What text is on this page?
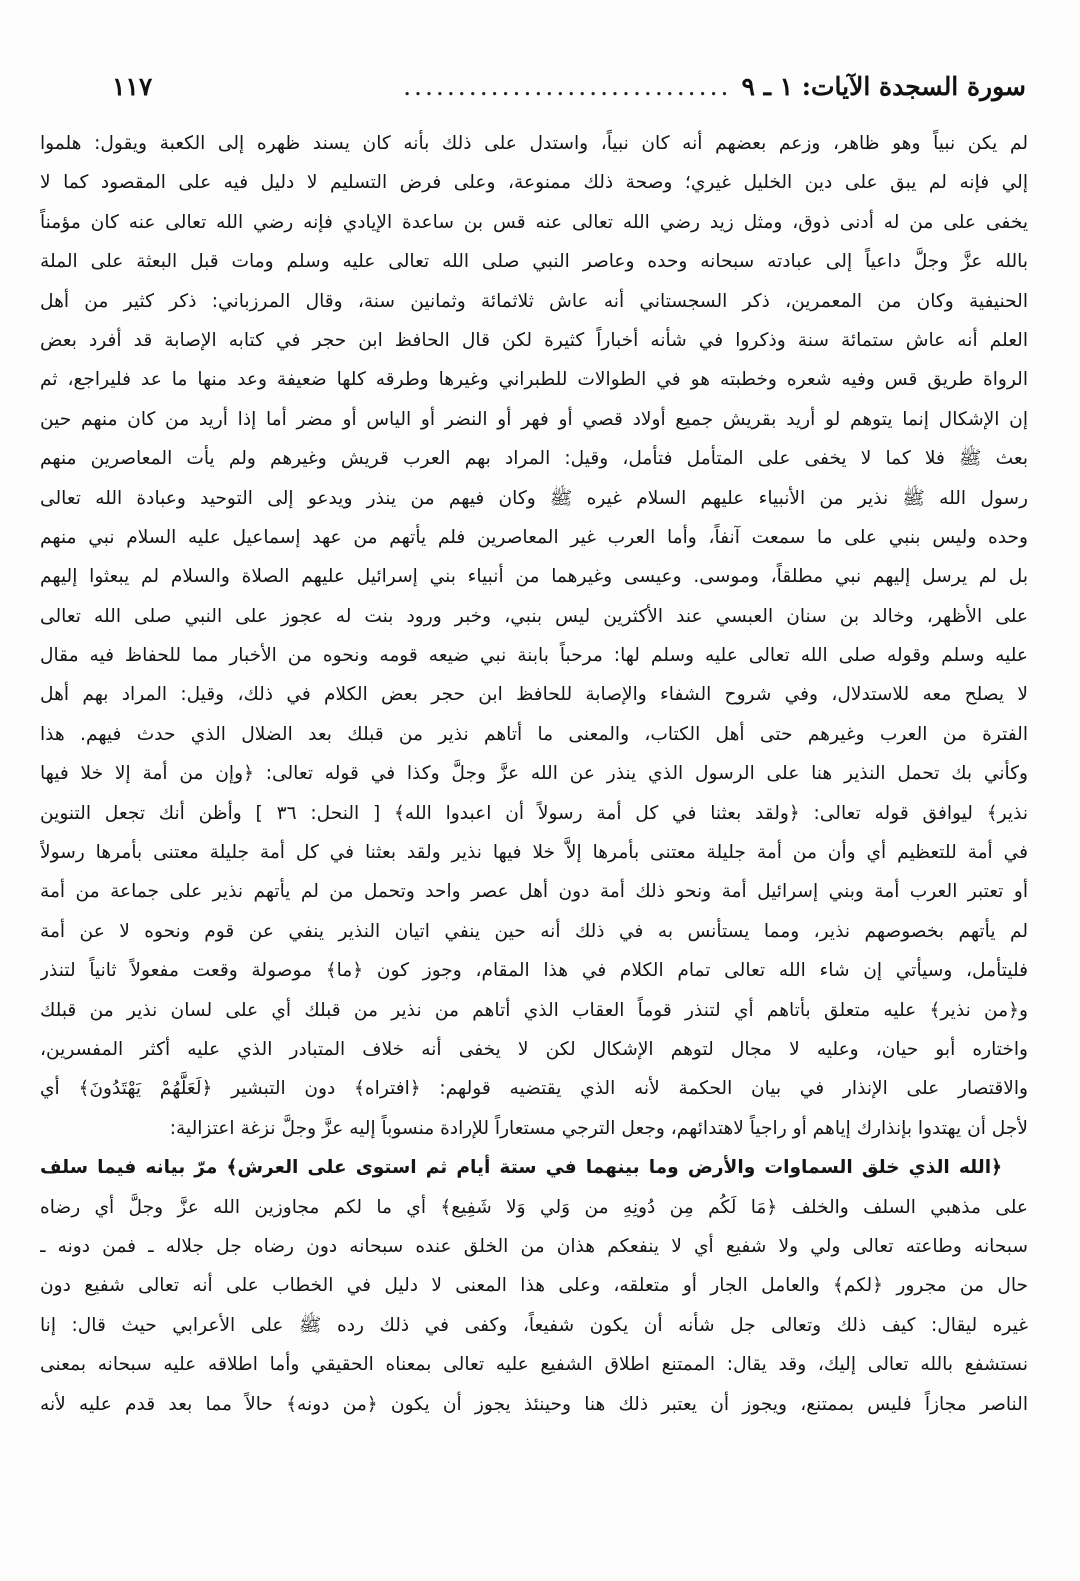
سورة السجدة الآيات: ١ ـ ٩
..............................
١١٧
لم يكن نبياً وهو ظاهر، وزعم بعضهم أنه كان نبياً، واستدل على ذلك بأنه كان يسند ظهره إلى الكعبة ويقول: هلموا
إلي فإنه لم يبق على دين الخليل غيري؛ وصحة ذلك ممنوعة، وعلى فرض التسليم لا دليل فيه على المقصود كما لا
يخفى على من له أدنى ذوق، ومثل زيد رضي الله تعالى عنه قس بن ساعدة الإيادي فإنه رضي الله تعالى عنه كان مؤمناً
بالله عزَّ وجلَّ داعياً إلى عبادته سبحانه وحده وعاصر النبي صلى الله تعالى عليه وسلم ومات قبل البعثة على الملة
الحنيفية وكان من المعمرين، ذكر السجستاني أنه عاش ثلاثمائة وثمانين سنة، وقال المرزباني: ذكر كثير من أهل
العلم أنه عاش ستمائة سنة وذكروا في شأنه أخباراً كثيرة لكن قال الحافظ ابن حجر في كتابه الإصابة قد أفرد بعض
الرواة طريق قس وفيه شعره وخطبته هو في الطوالات للطبراني وغيرها وطرقه كلها ضعيفة وعد منها ما عد فليراجع، ثم
إن الإشكال إنما يتوهم لو أريد بقريش جميع أولاد قصي أو فهر أو النضر أو الياس أو مضر أما إذا أريد من كان منهم حين
بعث ﷺ فلا كما لا يخفى على المتأمل فتأمل، وقيل: المراد بهم العرب قريش وغيرهم ولم يأت المعاصرين منهم
رسول الله ﷺ نذير من الأنبياء عليهم السلام غيره ﷺ وكان فيهم من ينذر ويدعو إلى التوحيد وعبادة الله تعالى
وحده وليس بنبي على ما سمعت آنفاً، وأما العرب غير المعاصرين فلم يأتهم من عهد إسماعيل عليه السلام نبي منهم
بل لم يرسل إليهم نبي مطلقاً، وموسى. وعيسى وغيرهما من أنبياء بني إسرائيل عليهم الصلاة والسلام لم يبعثوا إليهم
على الأظهر، وخالد بن سنان العبسي عند الأكثرين ليس بنبي، وخبر ورود بنت له عجوز على النبي صلى الله تعالى
عليه وسلم وقوله صلى الله تعالى عليه وسلم لها: مرحباً بابنة نبي ضيعه قومه ونحوه من الأخبار مما للحفاظ فيه مقال
لا يصلح معه للاستدلال، وفي شروح الشفاء والإصابة للحافظ ابن حجر بعض الكلام في ذلك، وقيل: المراد بهم أهل
الفترة من العرب وغيرهم حتى أهل الكتاب، والمعنى ما أتاهم نذير من قبلك بعد الضلال الذي حدث فيهم. هذا
وكأني بك تحمل النذير هنا على الرسول الذي ينذر عن الله عزَّ وجلَّ وكذا في قوله تعالى: ﴿وإن من أمة إلا خلا فيها
نذير﴾ ليوافق قوله تعالى: ﴿ولقد بعثنا في كل أمة رسولاً أن اعبدوا الله﴾ [ النحل: ٣٦ ] وأظن أنك تجعل التنوين
في أمة للتعظيم أي وأن من أمة جليلة معتنى بأمرها إلاَّ خلا فيها نذير ولقد بعثنا في كل أمة جليلة معتنى بأمرها رسولاً
أو تعتبر العرب أمة وبني إسرائيل أمة ونحو ذلك أمة دون أهل عصر واحد وتحمل من لم يأتهم نذير على جماعة من أمة
لم يأتهم بخصوصهم نذير، ومما يستأنس به في ذلك أنه حين ينفي اتيان النذير ينفي عن قوم ونحوه لا عن أمة
فليتأمل، وسيأتي إن شاء الله تعالى تمام الكلام في هذا المقام، وجوز كون ﴿ما﴾ موصولة وقعت مفعولاً ثانياً لتنذر
و﴿من نذير﴾ عليه متعلق بأتاهم أي لتنذر قوماً العقاب الذي أتاهم من نذير من قبلك أي على لسان نذير من قبلك
واختاره أبو حيان، وعليه لا مجال لتوهم الإشكال لكن لا يخفى أنه خلاف المتبادر الذي عليه أكثر المفسرين،
والاقتصار على الإنذار في بيان الحكمة لأنه الذي يقتضيه قولهم: ﴿افتراه﴾ دون التبشير ﴿لَعَلَّهُمْ يَهْتَدُونَ﴾ أي
لأجل أن يهتدوا بإنذارك إياهم أو راجياً لاهتدائهم، وجعل الترجي مستعاراً للإرادة منسوباً إليه عزَّ وجلَّ نزغة اعتزالية:
﴿الله الذي خلق السماوات والأرض وما بينهما في ستة أيام ثم استوى على العرش﴾ مرّ بيانه فيما سلف
على مذهبي السلف والخلف ﴿مَا لَكُم مِن دُونِهِ من وَلي وَلا شَفِيع﴾ أي ما لكم مجاوزين الله عزَّ وجلَّ أي رضاه
سبحانه وطاعته تعالى ولي ولا شفيع أي لا ينفعكم هذان من الخلق عنده سبحانه دون رضاه جل جلاله ـ فمن دونه ـ
حال من مجرور ﴿لكم﴾ والعامل الجار أو متعلقه، وعلى هذا المعنى لا دليل في الخطاب على أنه تعالى شفيع دون
غيره ليقال: كيف ذلك وتعالى جل شأنه أن يكون شفيعاً، وكفى في ذلك رده ﷺ على الأعرابي حيث قال: إنا
نستشفع بالله تعالى إليك، وقد يقال: الممتنع اطلاق الشفيع عليه تعالى بمعناه الحقيقي وأما اطلاقه عليه سبحانه بمعنى
الناصر مجازاً فليس بممتنع، ويجوز أن يعتبر ذلك هنا وحينئذ يجوز أن يكون ﴿من دونه﴾ حالاً مما بعد قدم عليه لأنه
